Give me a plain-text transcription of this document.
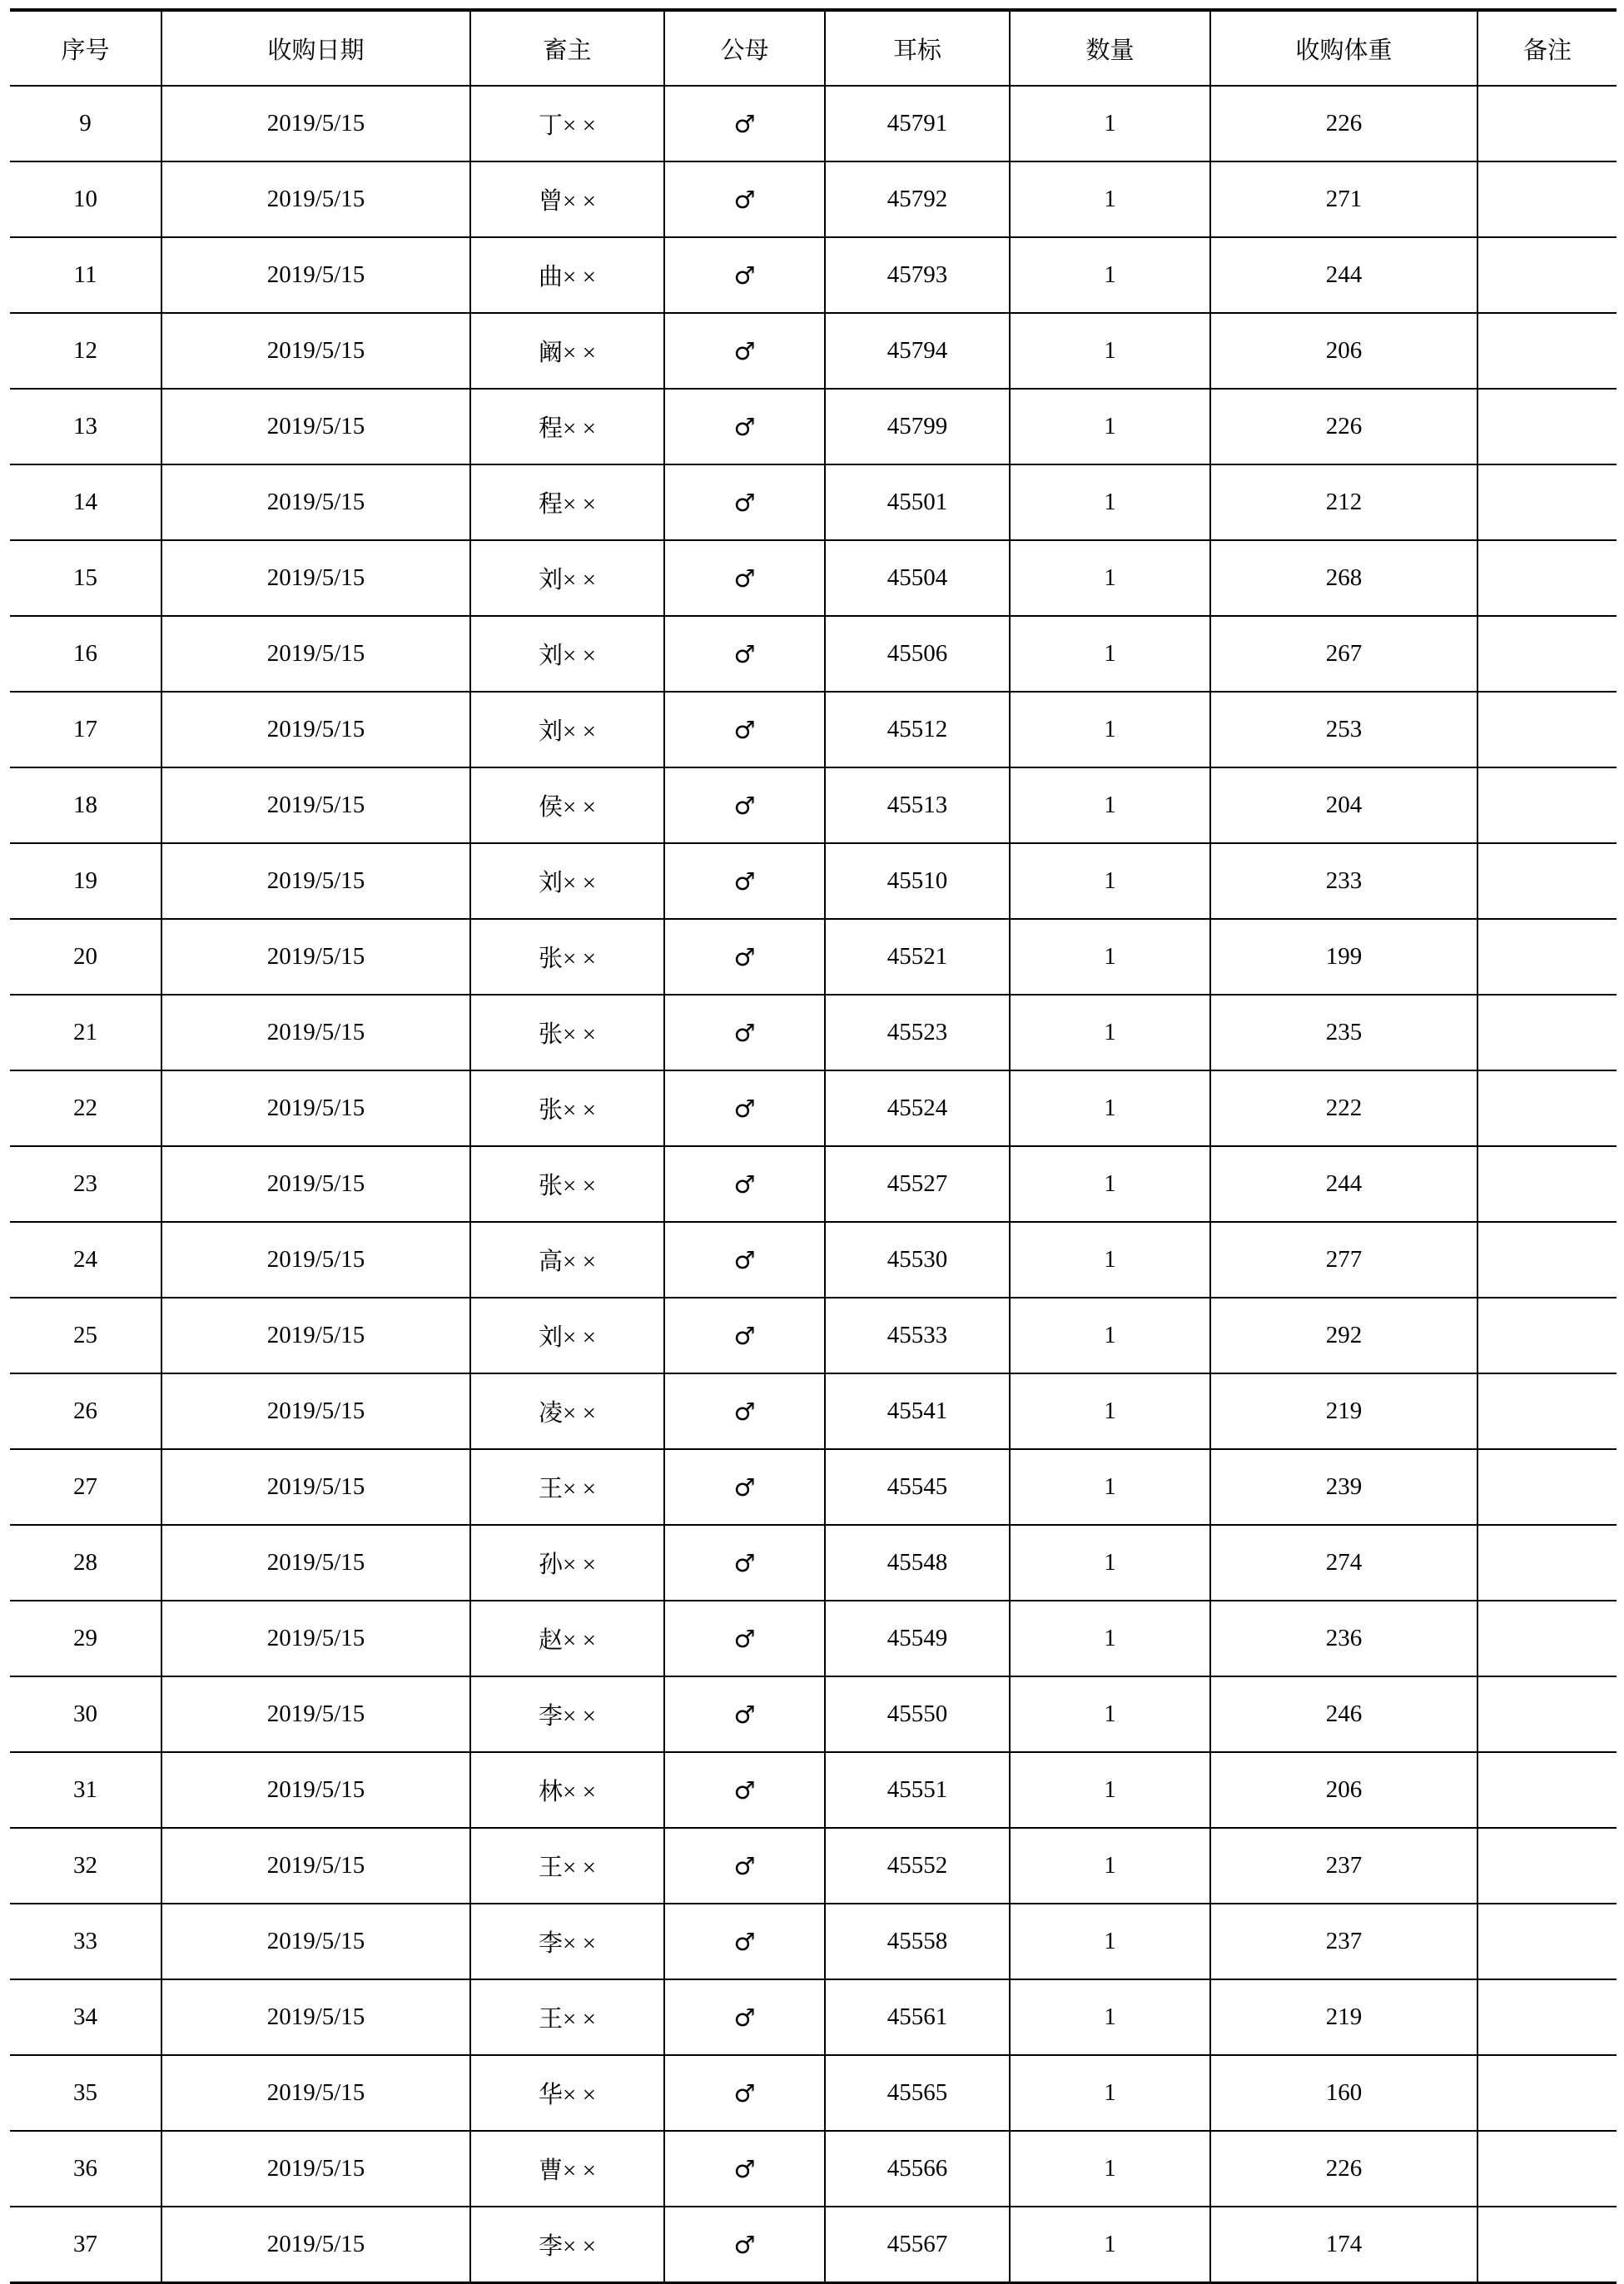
序号	收购日期	畜主	公母	耳标	数量	收购体重	备注
9	2019/5/15	丁× ×	♂	45791	1	226	
10	2019/5/15	曾× ×	♂	45792	1	271	
11	2019/5/15	曲× ×	♂	45793	1	244	
12	2019/5/15	阚× ×	♂	45794	1	206	
13	2019/5/15	程× ×	♂	45799	1	226	
14	2019/5/15	程× ×	♂	45501	1	212	
15	2019/5/15	刘× ×	♂	45504	1	268	
16	2019/5/15	刘× ×	♂	45506	1	267	
17	2019/5/15	刘× ×	♂	45512	1	253	
18	2019/5/15	侯× ×	♂	45513	1	204	
19	2019/5/15	刘× ×	♂	45510	1	233	
20	2019/5/15	张× ×	♂	45521	1	199	
21	2019/5/15	张× ×	♂	45523	1	235	
22	2019/5/15	张× ×	♂	45524	1	222	
23	2019/5/15	张× ×	♂	45527	1	244	
24	2019/5/15	高× ×	♂	45530	1	277	
25	2019/5/15	刘× ×	♂	45533	1	292	
26	2019/5/15	凌× ×	♂	45541	1	219	
27	2019/5/15	王× ×	♂	45545	1	239	
28	2019/5/15	孙× ×	♂	45548	1	274	
29	2019/5/15	赵× ×	♂	45549	1	236	
30	2019/5/15	李× ×	♂	45550	1	246	
31	2019/5/15	林× ×	♂	45551	1	206	
32	2019/5/15	王× ×	♂	45552	1	237	
33	2019/5/15	李× ×	♂	45558	1	237	
34	2019/5/15	王× ×	♂	45561	1	219	
35	2019/5/15	华× ×	♂	45565	1	160	
36	2019/5/15	曹× ×	♂	45566	1	226	
37	2019/5/15	李× ×	♂	45567	1	174	
